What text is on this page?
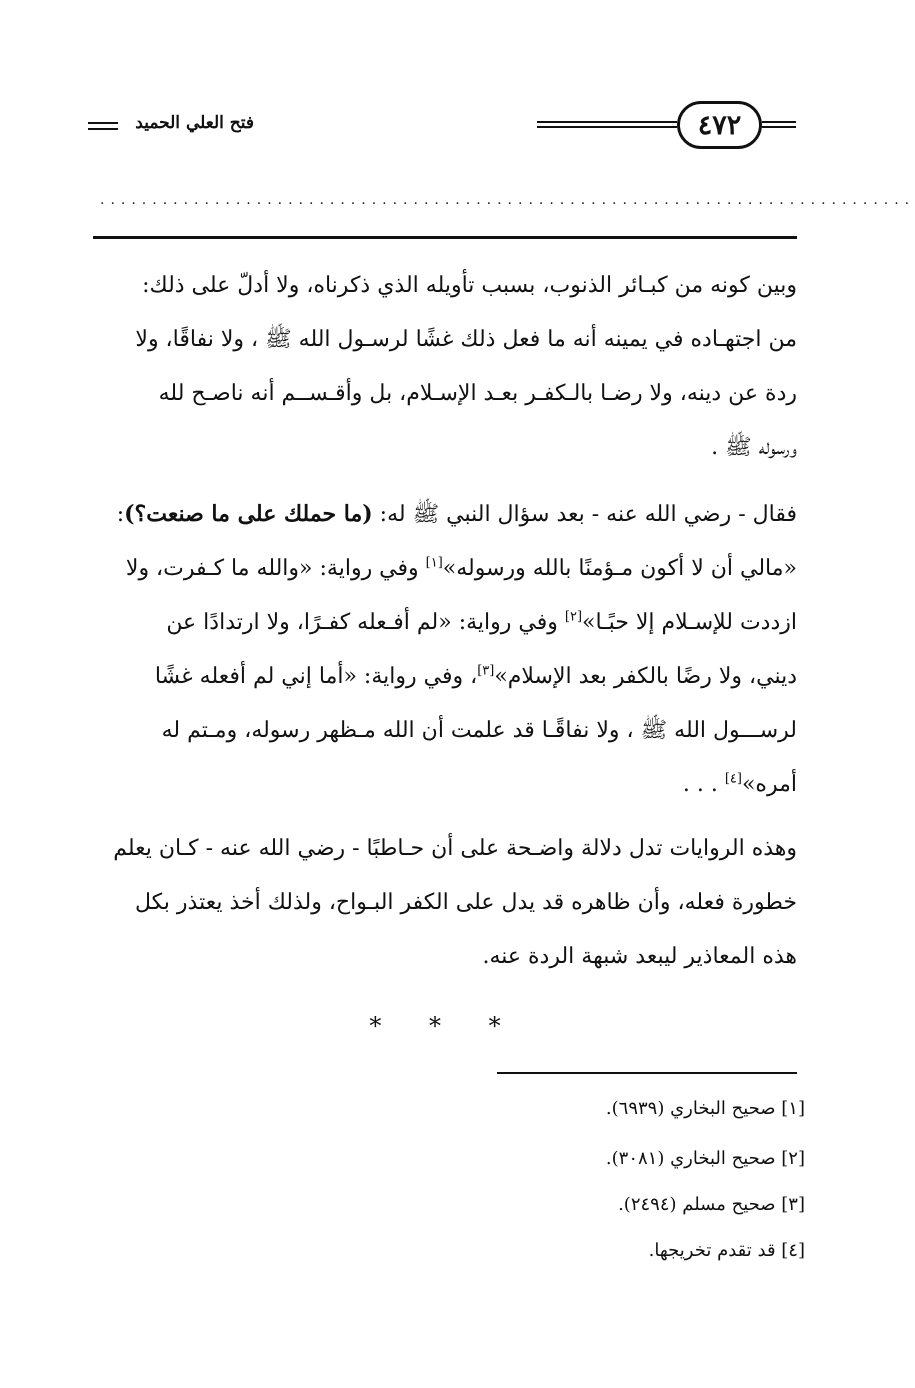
٤٧٢
فتح العلي الحميد
..............................................................................
وبين كونه من كبـائر الذنوب، بسبب تأويله الذي ذكرناه، ولا أدلّ على ذلك:
من اجتهـاده في يمينه أنه ما فعل ذلك غشًا لرسـول الله ﷺ ، ولا نفاقًا، ولا
ردة عن دينه، ولا رضـا بالـكفـر بعـد الإسـلام، بل وأقـســم أنه ناصـح لله
ورسوله ﷺ .
فقال - رضي الله عنه - بعد سؤال النبي ﷺ له: (ما حملك على ما صنعت؟):
«مالي أن لا أكون مـؤمنًا بالله ورسوله»[١] وفي رواية: «والله ما كـفرت، ولا
ازددت للإسـلام إلا حبًـا»[٢] وفي رواية: «لم أفـعله كفـرًا، ولا ارتدادًا عن
ديني، ولا رضًا بالكفر بعد الإسلام»[٣]، وفي رواية: «أما إني لم أفعله غشًا
لرســـول الله ﷺ ، ولا نفاقًـا قد علمت أن الله مـظهر رسوله، ومـتم له
أمره»[٤] . . .
وهذه الروايات تدل دلالة واضـحة على أن حـاطبًا - رضي الله عنه - كـان يعلم
خطورة فعله، وأن ظاهره قد يدل على الكفر البـواح، ولذلك أخذ يعتذر بكل
هذه المعاذير ليبعد شبهة الردة عنه.
* * *
[١] صحيح البخاري (٦٩٣٩).
[٢] صحيح البخاري (٣٠٨١).
[٣] صحيح مسلم (٢٤٩٤).
[٤] قد تقدم تخريجها.
